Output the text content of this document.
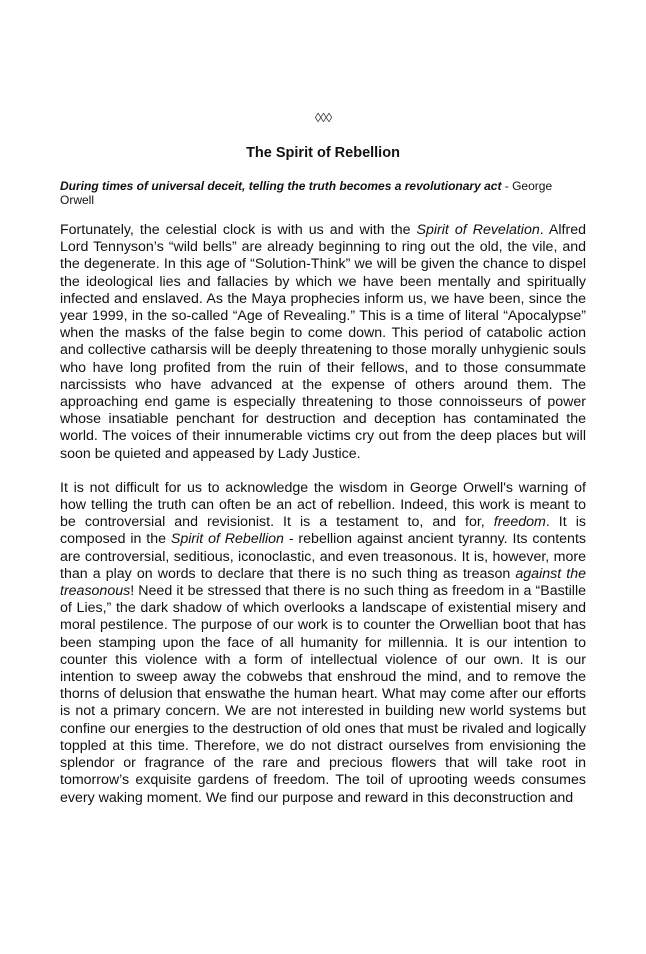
◊◊◊
The Spirit of Rebellion

During times of universal deceit, telling the truth becomes a revolutionary act - George Orwell

Fortunately, the celestial clock is with us and with the Spirit of Revelation. Alfred Lord Tennyson’s “wild bells” are already beginning to ring out the old, the vile, and the degenerate. In this age of “Solution-Think” we will be given the chance to dispel the ideological lies and fallacies by which we have been mentally and spiritually infected and enslaved. As the Maya prophecies inform us, we have been, since the year 1999, in the so-called “Age of Revealing.” This is a time of literal “Apocalypse” when the masks of the false begin to come down. This period of catabolic action and collective catharsis will be deeply threatening to those morally unhygienic souls who have long profited from the ruin of their fellows, and to those consummate narcissists who have advanced at the expense of others around them. The approaching end game is especially threatening to those connoisseurs of power whose insatiable penchant for destruction and deception has contaminated the world. The voices of their innumerable victims cry out from the deep places but will soon be quieted and appeased by Lady Justice.

It is not difficult for us to acknowledge the wisdom in George Orwell's warning of how telling the truth can often be an act of rebellion. Indeed, this work is meant to be controversial and revisionist. It is a testament to, and for, freedom. It is composed in the Spirit of Rebellion - rebellion against ancient tyranny. Its contents are controversial, seditious, iconoclastic, and even treasonous. It is, however, more than a play on words to declare that there is no such thing as treason against the treasonous! Need it be stressed that there is no such thing as freedom in a “Bastille of Lies,” the dark shadow of which overlooks a landscape of existential misery and moral pestilence. The purpose of our work is to counter the Orwellian boot that has been stamping upon the face of all humanity for millennia. It is our intention to counter this violence with a form of intellectual violence of our own. It is our intention to sweep away the cobwebs that enshroud the mind, and to remove the thorns of delusion that enswathe the human heart. What may come after our efforts is not a primary concern. We are not interested in building new world systems but confine our energies to the destruction of old ones that must be rivaled and logically toppled at this time. Therefore, we do not distract ourselves from envisioning the splendor or fragrance of the rare and precious flowers that will take root in tomorrow’s exquisite gardens of freedom. The toil of uprooting weeds consumes every waking moment. We find our purpose and reward in this deconstruction and
